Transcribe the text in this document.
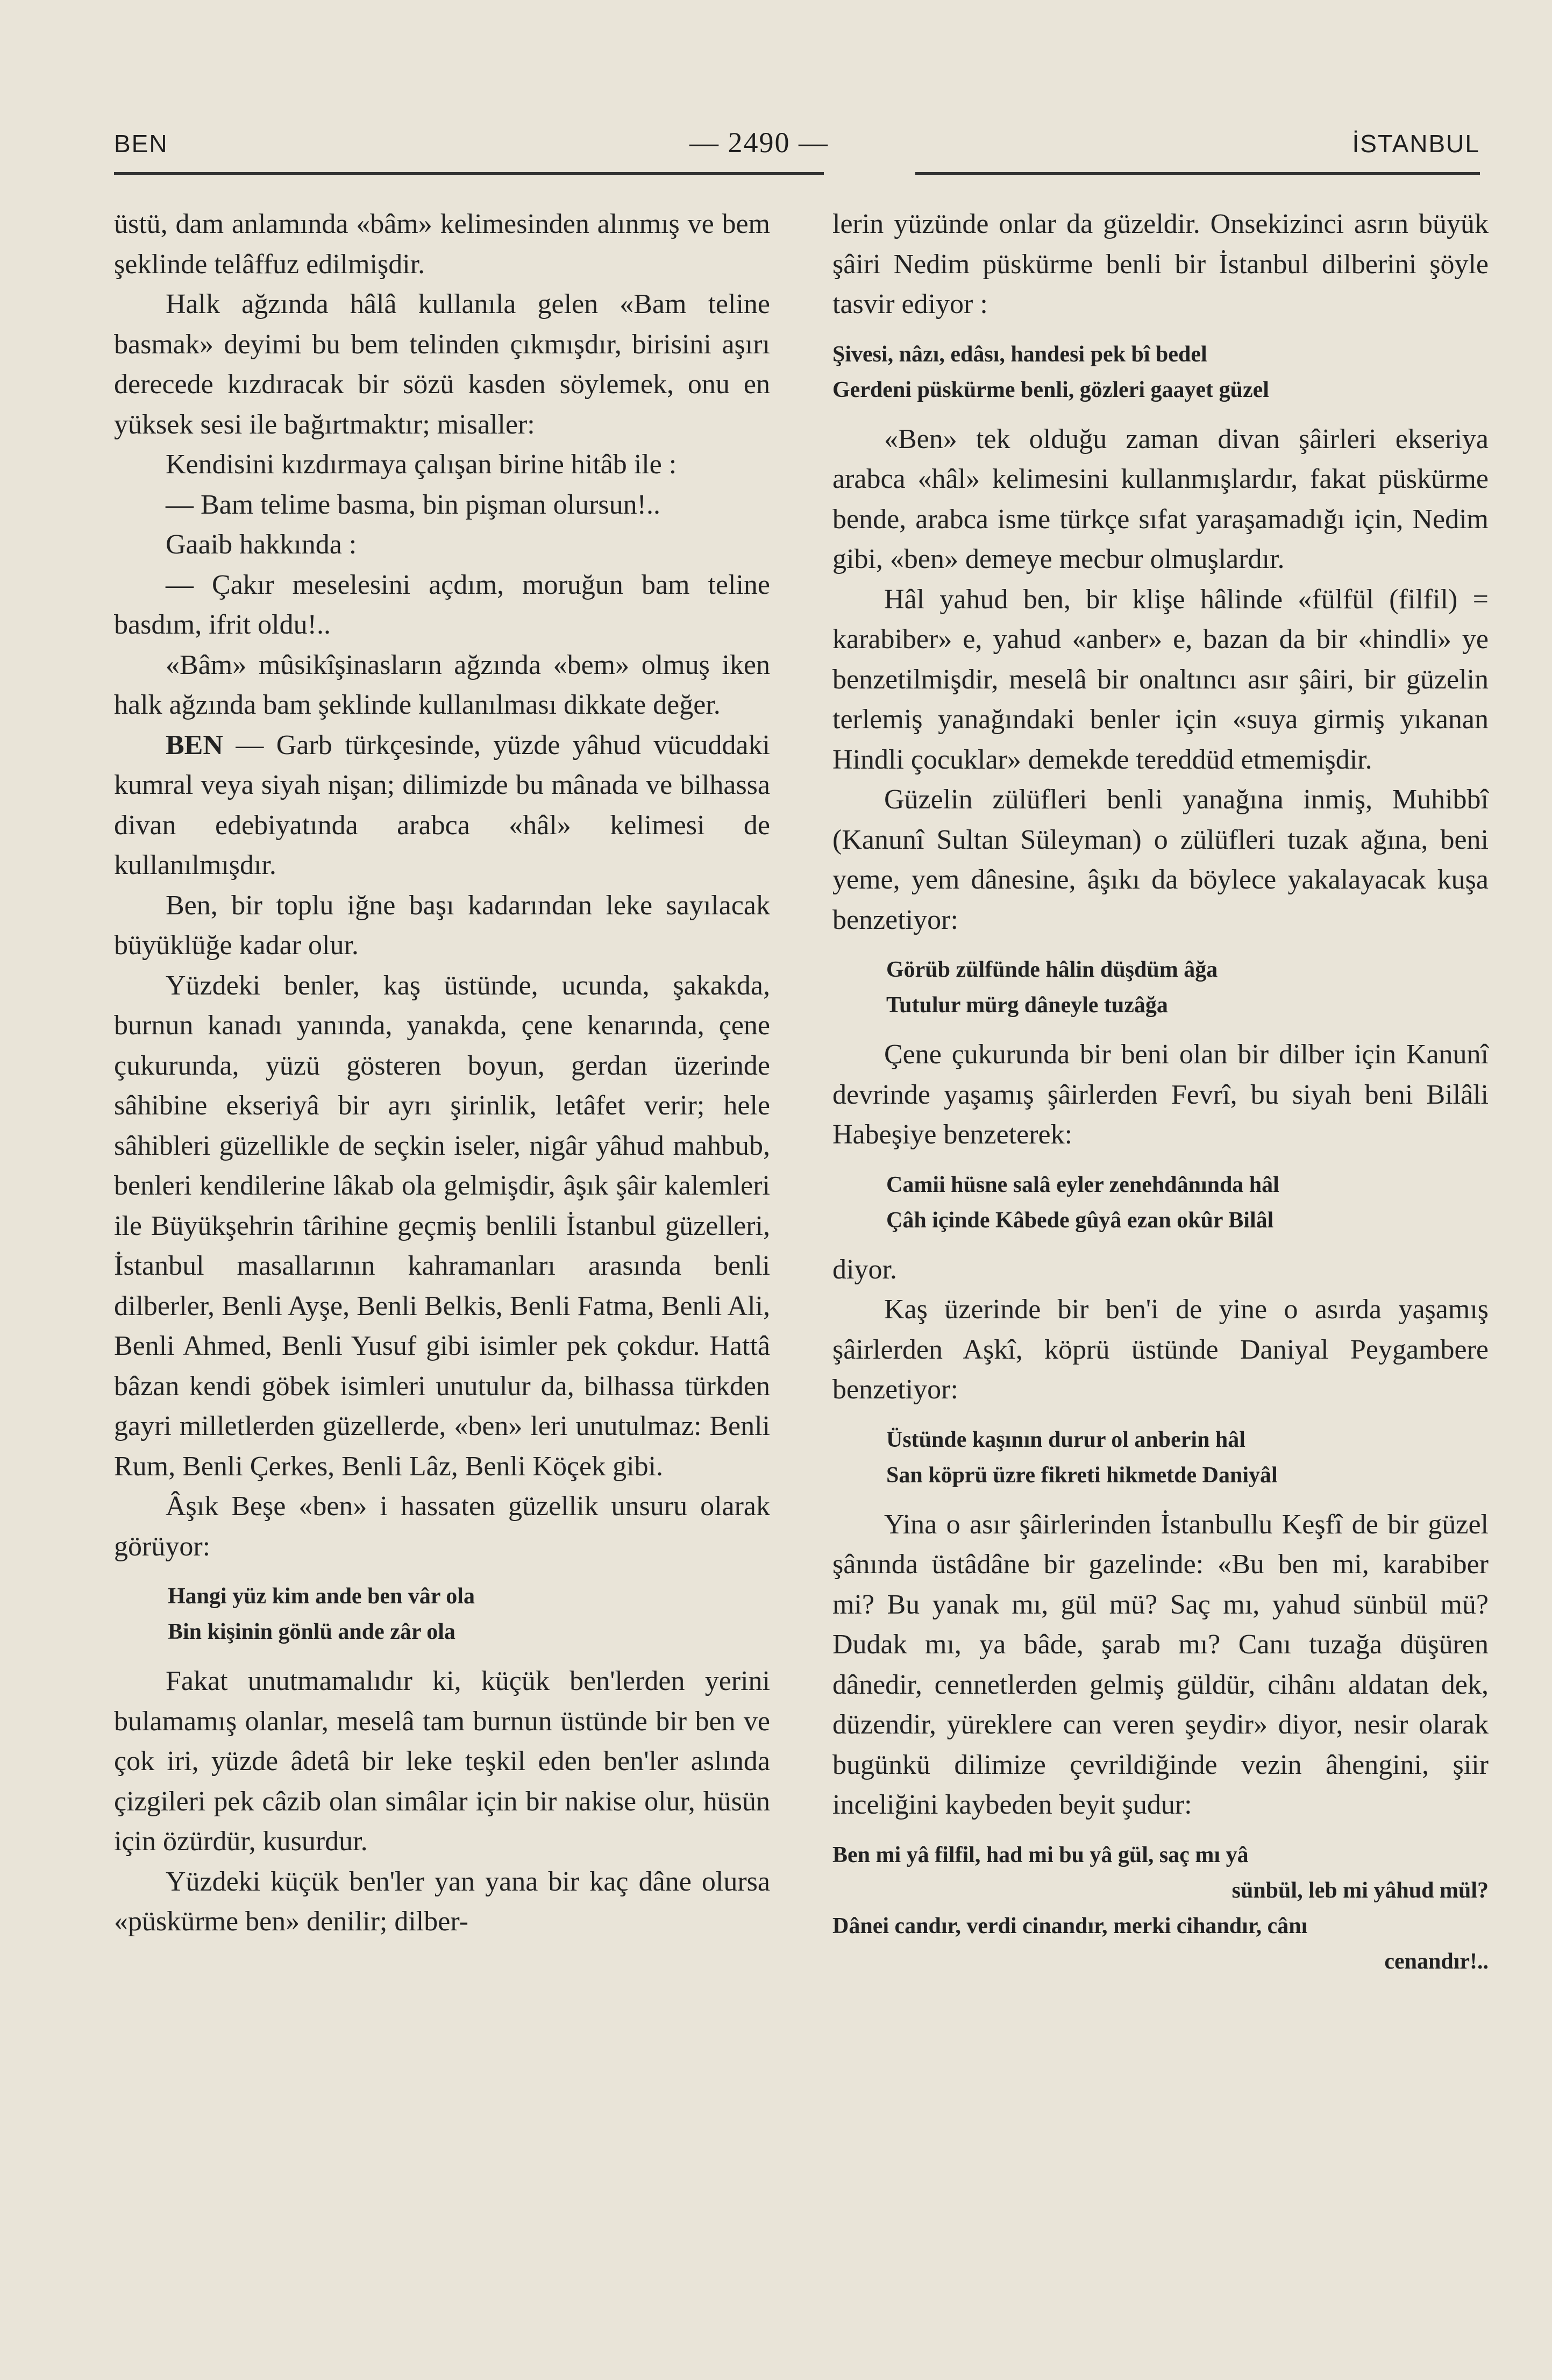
BEN	— 2490 —	İSTANBUL

üstü, dam anlamında «bâm» kelimesinden alınmış ve bem şeklinde telâffuz edilmişdir.

Halk ağzında hâlâ kullanıla gelen «Bam teline basmak» deyimi bu bem telinden çıkmışdır, birisini aşırı derecede kızdıracak bir sözü kasden söylemek, onu en yüksek sesi ile bağırtmaktır; misaller:

Kendisini kızdırmaya çalışan birine hitâb ile :

— Bam telime basma, bin pişman olursun!..

Gaaib hakkında :

— Çakır meselesini açdım, moruğun bam teline basdım, ifrit oldu!..

«Bâm» mûsikîşinasların ağzında «bem» olmuş iken halk ağzında bam şeklinde kullanılması dikkate değer.

BEN — Garb türkçesinde, yüzde yâhud vücuddaki kumral veya siyah nişan; dilimizde bu mânada ve bilhassa divan edebiyatında arabca «hâl» kelimesi de kullanılmışdır.

Ben, bir toplu iğne başı kadarından leke sayılacak büyüklüğe kadar olur.

Yüzdeki benler, kaş üstünde, ucunda, şakakda, burnun kanadı yanında, yanakda, çene kenarında, çene çukurunda, yüzü gösteren boyun, gerdan üzerinde sâhibine ekseriyâ bir ayrı şirinlik, letâfet verir; hele sâhibleri güzellikle de seçkin iseler, nigâr yâhud mahbub, benleri kendilerine lâkab ola gelmişdir, âşık şâir kalemleri ile Büyükşehrin târihine geçmiş benlili İstanbul güzelleri, İstanbul masallarının kahramanları arasında benli dilberler, Benli Ayşe, Benli Belkis, Benli Fatma, Benli Ali, Benli Ahmed, Benli Yusuf gibi isimler pek çokdur. Hattâ bâzan kendi göbek isimleri unutulur da, bilhassa türkden gayri milletlerden güzellerde, «ben» leri unutulmaz: Benli Rum, Benli Çerkes, Benli Lâz, Benli Köçek gibi.

Âşık Beşe «ben» i hassaten güzellik unsuru olarak görüyor:

Hangi yüz kim ande ben vâr ola
Bin kişinin gönlü ande zâr ola

Fakat unutmamalıdır ki, küçük ben'lerden yerini bulamamış olanlar, meselâ tam burnun üstünde bir ben ve çok iri, yüzde âdetâ bir leke teşkil eden ben'ler aslında çizgileri pek câzib olan simâlar için bir nakise olur, hüsün için özürdür, kusurdur.

Yüzdeki küçük ben'ler yan yana bir kaç dâne olursa «püskürme ben» denilir; dilber-

lerin yüzünde onlar da güzeldir. Onsekizinci asrın büyük şâiri Nedim püskürme benli bir İstanbul dilberini şöyle tasvir ediyor :

Şivesi, nâzı, edâsı, handesi pek bî bedel
Gerdeni püskürme benli, gözleri gaayet güzel

«Ben» tek olduğu zaman divan şâirleri ekseriya arabca «hâl» kelimesini kullanmışlardır, fakat püskürme bende, arabca isme türkçe sıfat yaraşamadığı için, Nedim gibi, «ben» demeye mecbur olmuşlardır.

Hâl yahud ben, bir klişe hâlinde «fülfül (filfil) = karabiber» e, yahud «anber» e, bazan da bir «hindli» ye benzetilmişdir, meselâ bir onaltıncı asır şâiri, bir güzelin terlemiş yanağındaki benler için «suya girmiş yıkanan Hindli çocuklar» demekde tereddüd etmemişdir.

Güzelin zülüfleri benli yanağına inmiş, Muhibbî (Kanunî Sultan Süleyman) o zülüfleri tuzak ağına, beni yeme, yem dânesine, âşıkı da böylece yakalayacak kuşa benzetiyor:

Görüb zülfünde hâlin düşdüm âğa
Tutulur mürg dâneyle tuzâğa

Çene çukurunda bir beni olan bir dilber için Kanunî devrinde yaşamış şâirlerden Fevrî, bu siyah beni Bilâli Habeşiye benzeterek:

Camii hüsne salâ eyler zenehdânında hâl
Çâh içinde Kâbede gûyâ ezan okûr Bilâl

diyor.

Kaş üzerinde bir ben'i de yine o asırda yaşamış şâirlerden Aşkî, köprü üstünde Daniyal Peygambere benzetiyor:

Üstünde kaşının durur ol anberin hâl
San köprü üzre fikreti hikmetde Daniyâl

Yina o asır şâirlerinden İstanbullu Keşfî de bir güzel şânında üstâdâne bir gazelinde: «Bu ben mi, karabiber mi? Bu yanak mı, gül mü? Saç mı, yahud sünbül mü? Dudak mı, ya bâde, şarab mı? Canı tuzağa düşüren dânedir, cennetlerden gelmiş güldür, cihânı aldatan dek, düzendir, yüreklere can veren şeydir» diyor, nesir olarak bugünkü dilimize çevrildiğinde vezin âhengini, şiir inceliğini kaybeden beyit şudur:

Ben mi yâ filfil, had mi bu yâ gül, saç mı yâ
sünbül, leb mi yâhud mül?
Dânei candır, verdi cinandır, merki cihandır, cânı
cenandır!..
